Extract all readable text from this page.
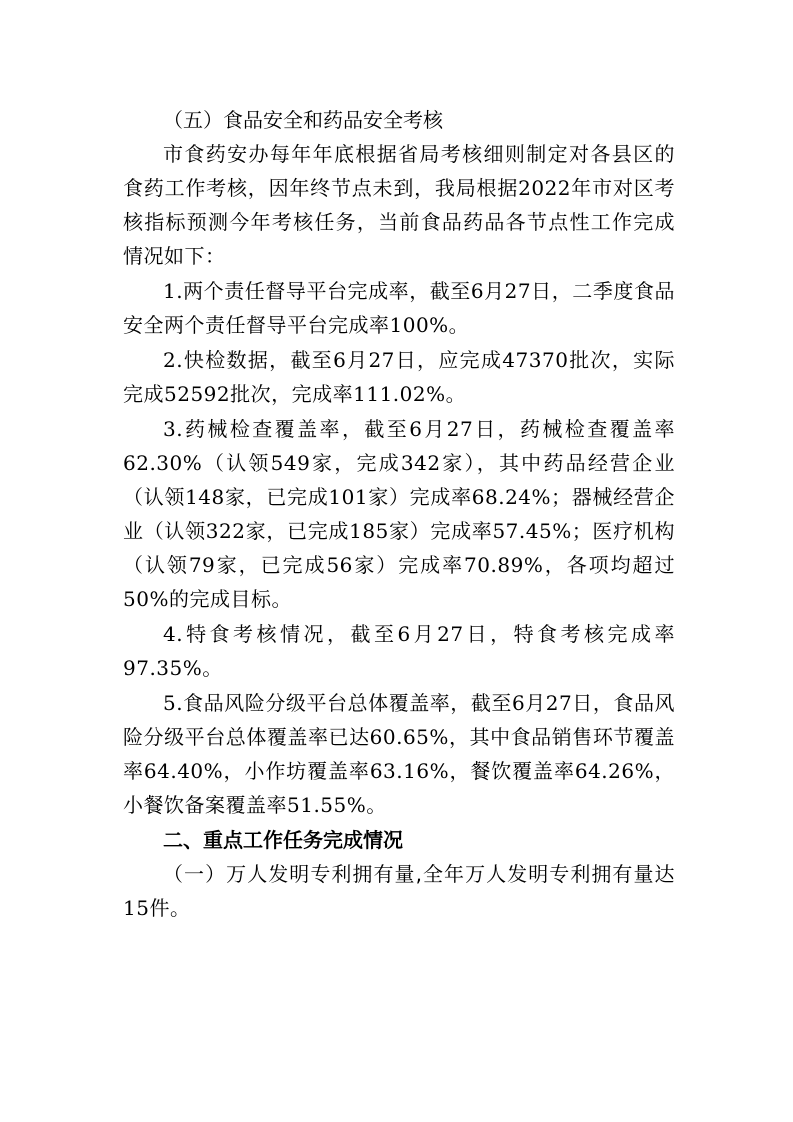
（五）食品安全和药品安全考核

市食药安办每年年底根据省局考核细则制定对各县区的食药工作考核，因年终节点未到，我局根据2022年市对区考核指标预测今年考核任务，当前食品药品各节点性工作完成情况如下：

1.两个责任督导平台完成率，截至6月27日，二季度食品安全两个责任督导平台完成率100%。

2.快检数据，截至6月27日，应完成47370批次，实际完成52592批次，完成率111.02%。

3.药械检查覆盖率，截至6月27日，药械检查覆盖率62.30%（认领549家，完成342家），其中药品经营企业（认领148家，已完成101家）完成率68.24%；器械经营企业（认领322家，已完成185家）完成率57.45%；医疗机构（认领79家，已完成56家）完成率70.89%，各项均超过50%的完成目标。

4.特食考核情况，截至6月27日，特食考核完成率97.35%。

5.食品风险分级平台总体覆盖率，截至6月27日，食品风险分级平台总体覆盖率已达60.65%，其中食品销售环节覆盖率64.40%，小作坊覆盖率63.16%，餐饮覆盖率64.26%，小餐饮备案覆盖率51.55%。

二、重点工作任务完成情况

（一）万人发明专利拥有量,全年万人发明专利拥有量达15件。
